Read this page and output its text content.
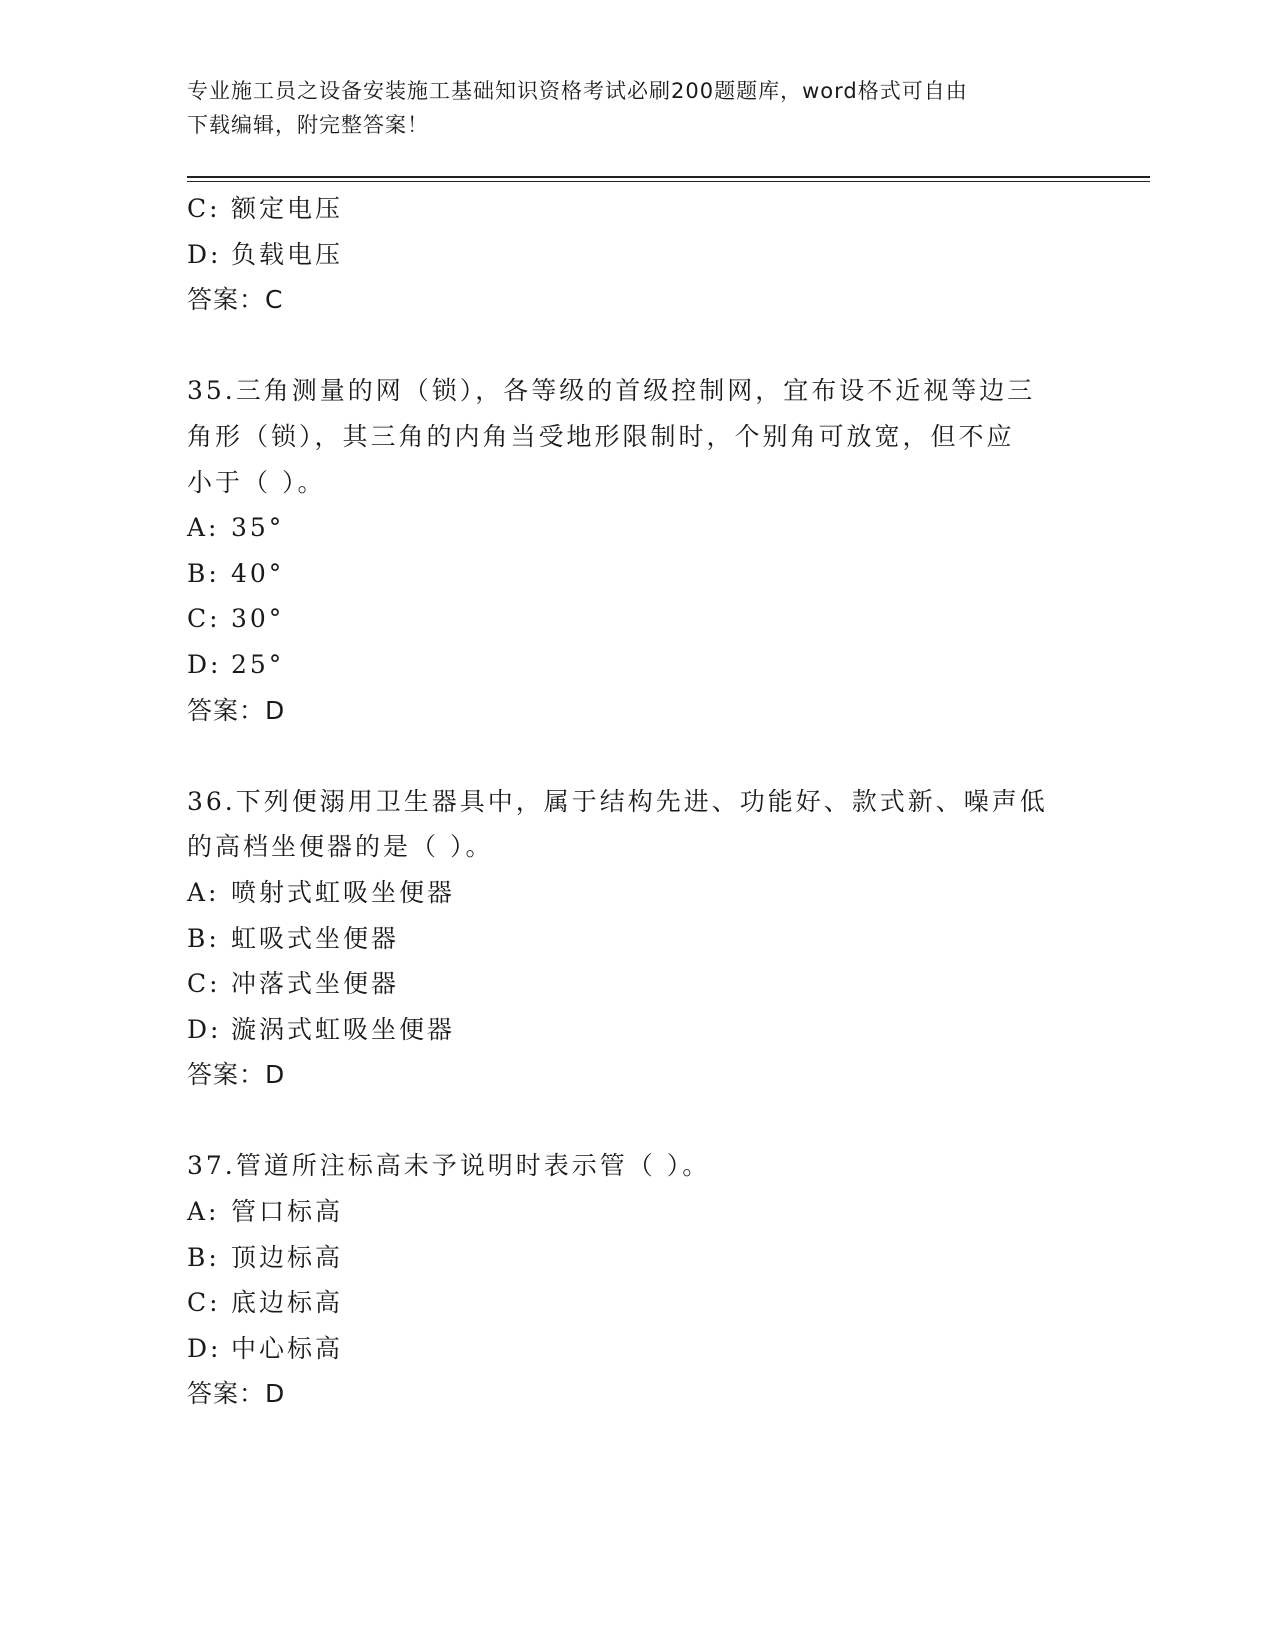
专业施工员之设备安装施工基础知识资格考试必刷200题题库，word格式可自由
下载编辑，附完整答案！
C: 额定电压
D: 负载电压
答案：C
35.三角测量的网（锁），各等级的首级控制网，宜布设不近视等边三
角形（锁），其三角的内角当受地形限制时，个别角可放宽，但不应
小于（ ）。
A: 35°
B: 40°
C: 30°
D: 25°
答案：D
36.下列便溺用卫生器具中，属于结构先进、功能好、款式新、噪声低
的高档坐便器的是（ ）。
A: 喷射式虹吸坐便器
B: 虹吸式坐便器
C: 冲落式坐便器
D: 漩涡式虹吸坐便器
答案：D
37.管道所注标高未予说明时表示管（ ）。
A: 管口标高
B: 顶边标高
C: 底边标高
D: 中心标高
答案：D
